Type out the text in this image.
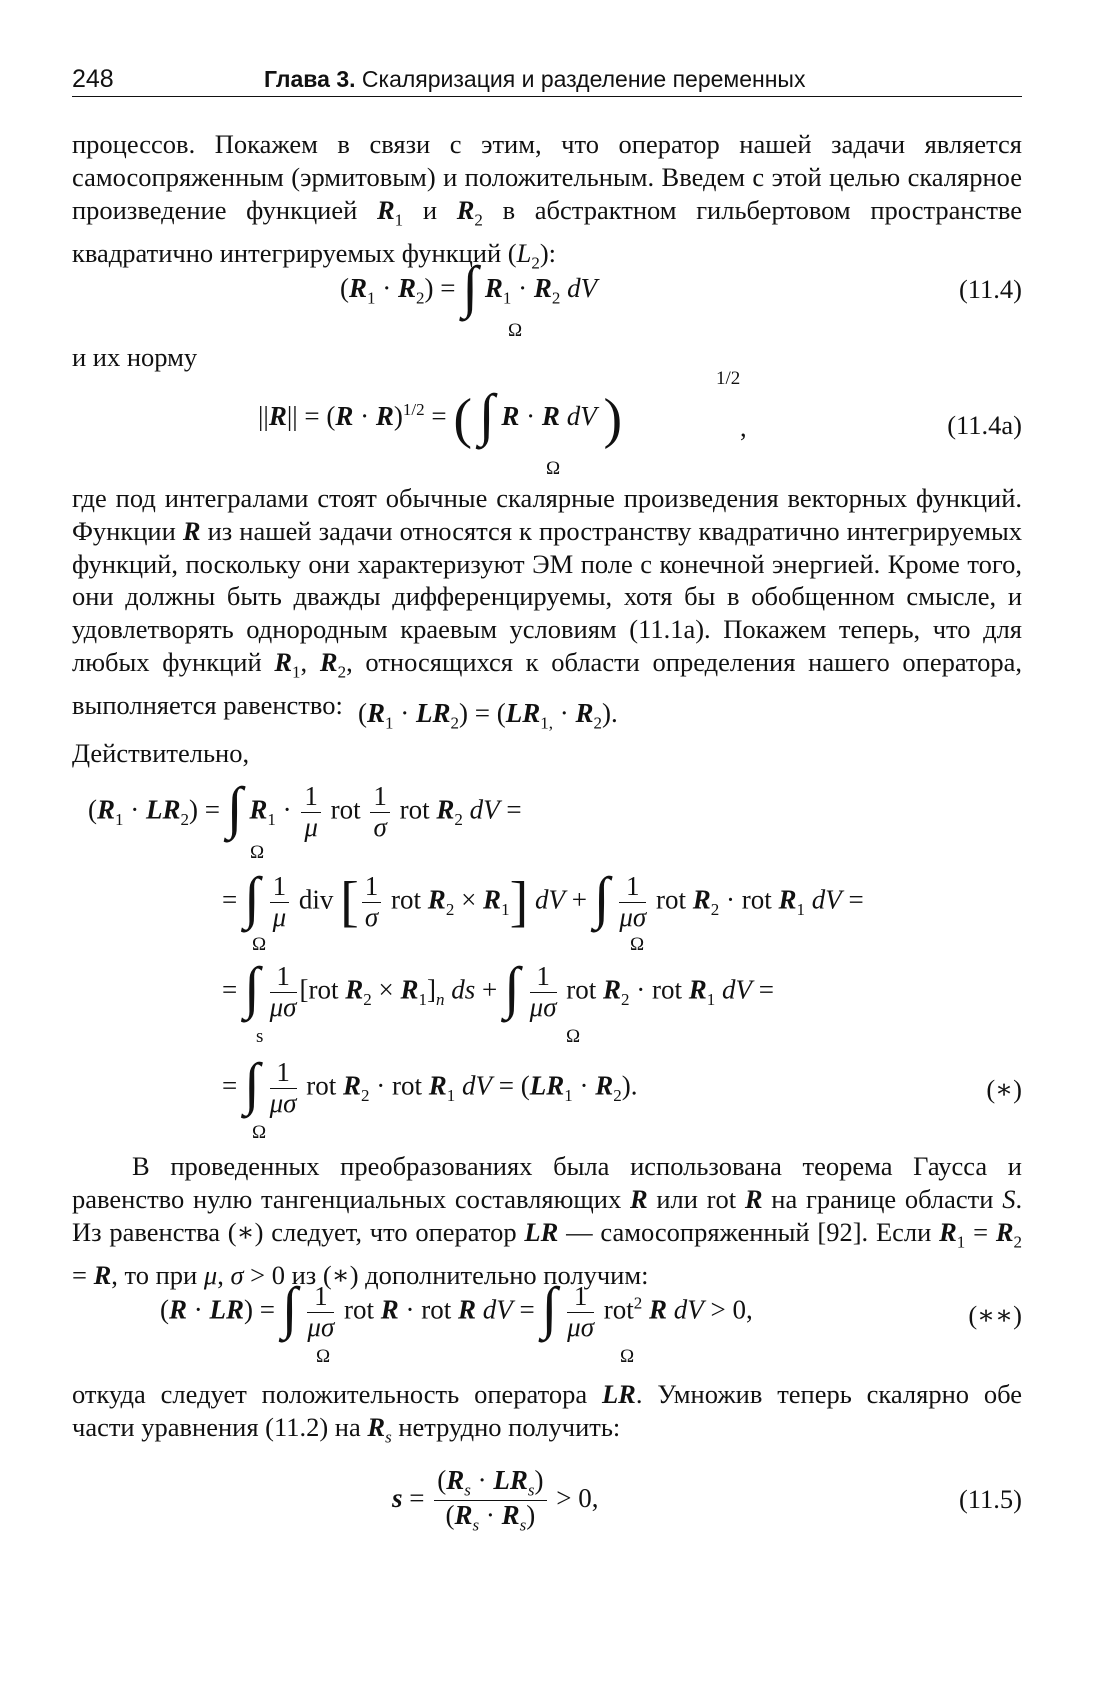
248	Глава 3. Скаляризация и разделение переменных
процессов. Покажем в связи с этим, что оператор нашей задачи является самосопряженным (эрмитовым) и положительным. Введем с этой целью скалярное произведение функцией $R_1$ и $R_2$ в абстрактном гильбертовом пространстве квадратично интегрируемых функций $(L_2)$:
$(R_1 \cdot R_2)$ = ∫ $R_1 \cdot R_2$ dV
Ω
(11.4)
и их норму
$||R|| = (R \cdot R)^{1/2}$ = ( ∫ R · R dV )
1/2
,
Ω
(11.4a)
где под интегралами стоят обычные скалярные произведения векторных функций. Функции R из нашей задачи относятся к пространству квадратично интегрируемых функций, поскольку они характеризуют ЭМ поле с конечной энергией. Кроме того, они должны быть дважды дифференцируемы, хотя бы в обобщенном смысле, и удовлетворять однородным краевым условиям (11.1а). Покажем теперь, что для любых функций $R_1$, $R_2$, относящихся к области определения нашего оператора, выполняется равенство: $(R_1 \cdot LR_2) = (LR_{1,} \cdot R_2)$.
Действительно,
$(R_1 \cdot LR_2)$ = ∫ $R_1 \cdot \frac{1}{\mu}$ rot $\frac{1}{\sigma}$ rot $R_2$ dV =
Ω
= ∫ $\frac{1}{\mu}$ div [ $\frac{1}{\sigma}$ rot $R_2 \times R_1$] dV + ∫ $\frac{1}{\mu\sigma}$ rot $R_2$ · rot $R_1$ dV =
Ω	Ω
= ∫ $\frac{1}{\mu\sigma} [rot$ $R_2 \times R_1]_n$ ds + ∫ $\frac{1}{\mu\sigma}$ rot $R_2$ · rot $R_1$ dV =
s	Ω
= ∫ $\frac{1}{\mu\sigma}$ rot $R_2$ · rot $R_1$ dV = $(LR_1 \cdot R_2)$.
Ω
(∗)
В проведенных преобразованиях была использована теорема Гаусса и равенство нулю тангенциальных составляющих R или rot R на границе области S. Из равенства (∗) следует, что оператор LR — самосопряженный [92]. Если $R_1 = R_2 = R$, то при μ, σ > 0 из (∗) дополнительно получим:
(R · LR) = ∫ $\frac{1}{\mu\sigma}$ rot R · rot R dV = ∫ $\frac{1}{\mu\sigma} rot^2$ R dV > 0,
Ω	Ω
(∗∗)
откуда следует положительность оператора LR. Умножив теперь скалярно обе части уравнения (11.2) на $R_s$ нетрудно получить:
$s = \frac{(R_s \cdot LR_s)}{(R_s \cdot R_s)} > 0$,	(11.5)
